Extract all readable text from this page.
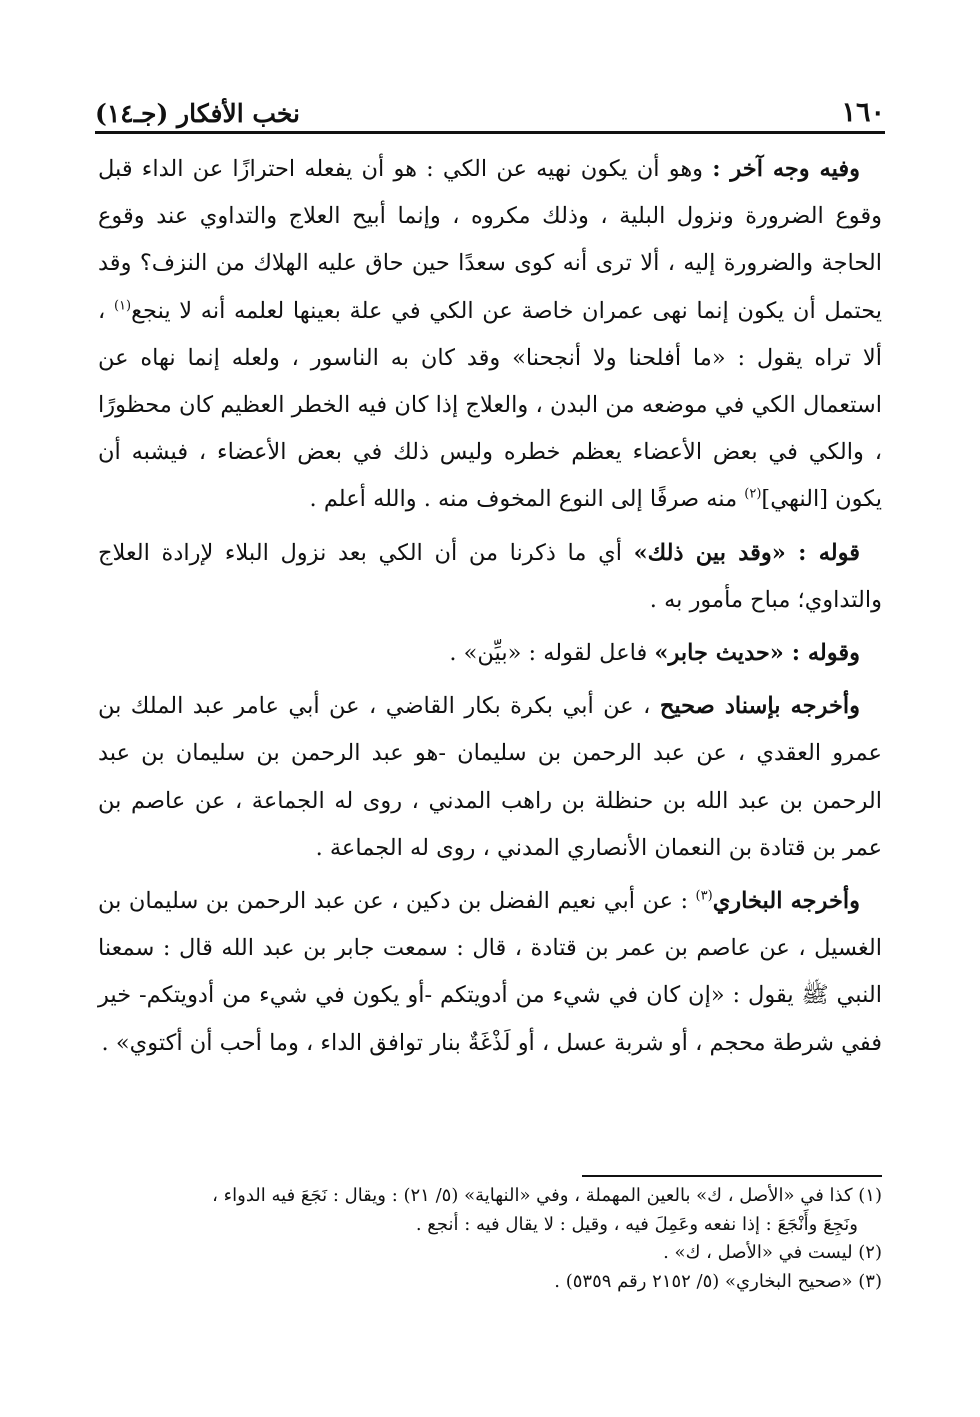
١٦٠
نخب الأفكار (جـ١٤)

وفيه وجه آخر : وهو أن يكون نهيه عن الكي : هو أن يفعله احترازًا عن الداء قبل وقوع الضرورة ونزول البلية ، وذلك مكروه ، وإنما أبيح العلاج والتداوي عند وقوع الحاجة والضرورة إليه ، ألا ترى أنه كوى سعدًا حين حاق عليه الهلاك من النزف؟ وقد يحتمل أن يكون إنما نهى عمران خاصة عن الكي في علة بعينها لعلمه أنه لا ينجع$^{(١)}$ ، ألا تراه يقول : «ما أفلحنا ولا أنجحنا» وقد كان به الناسور ، ولعله إنما نهاه عن استعمال الكي في موضعه من البدن ، والعلاج إذا كان فيه الخطر العظيم كان محظورًا ، والكي في بعض الأعضاء يعظم خطره وليس ذلك في بعض الأعضاء ، فيشبه أن يكون [النهي]$^{(٢)}$ منه صرفًا إلى النوع المخوف منه . والله أعلم .

قوله : «وقد بين ذلك» أي ما ذكرنا من أن الكي بعد نزول البلاء لإرادة العلاج والتداوي؛ مباح مأمور به .

وقوله : «حديث جابر» فاعل لقوله : «بيِّن» .

وأخرجه بإسناد صحيح ، عن أبي بكرة بكار القاضي ، عن أبي عامر عبد الملك بن عمرو العقدي ، عن عبد الرحمن بن سليمان -هو عبد الرحمن بن سليمان بن عبد الرحمن بن عبد الله بن حنظلة بن راهب المدني ، روى له الجماعة ، عن عاصم بن عمر بن قتادة بن النعمان الأنصاري المدني ، روى له الجماعة .

وأخرجه البخاري$^{(٣)}$ : عن أبي نعيم الفضل بن دكين ، عن عبد الرحمن بن سليمان بن الغسيل ، عن عاصم بن عمر بن قتادة ، قال : سمعت جابر بن عبد الله قال : سمعنا النبي ﷺ يقول : «إن كان في شيء من أدويتكم -أو يكون في شيء من أدويتكم- خير ففي شرطة محجم ، أو شربة عسل ، أو لَذْغَةٌ بنار توافق الداء ، وما أحب أن أكتوي» .

(١) كذا في «الأصل ، ك» بالعين المهملة ، وفي «النهاية» (٥/ ٢١) : ويقال : نَجَعَ فيه الدواء ،

ونَجِعَ وأَنْجَعَ : إذا نفعه وعَمِلَ فيه ، وقيل : لا يقال فيه : أنجع .

(٢) ليست في «الأصل ، ك» .

(٣) «صحيح البخاري» (٥/ ٢١٥٢ رقم ٥٣٥٩) .
